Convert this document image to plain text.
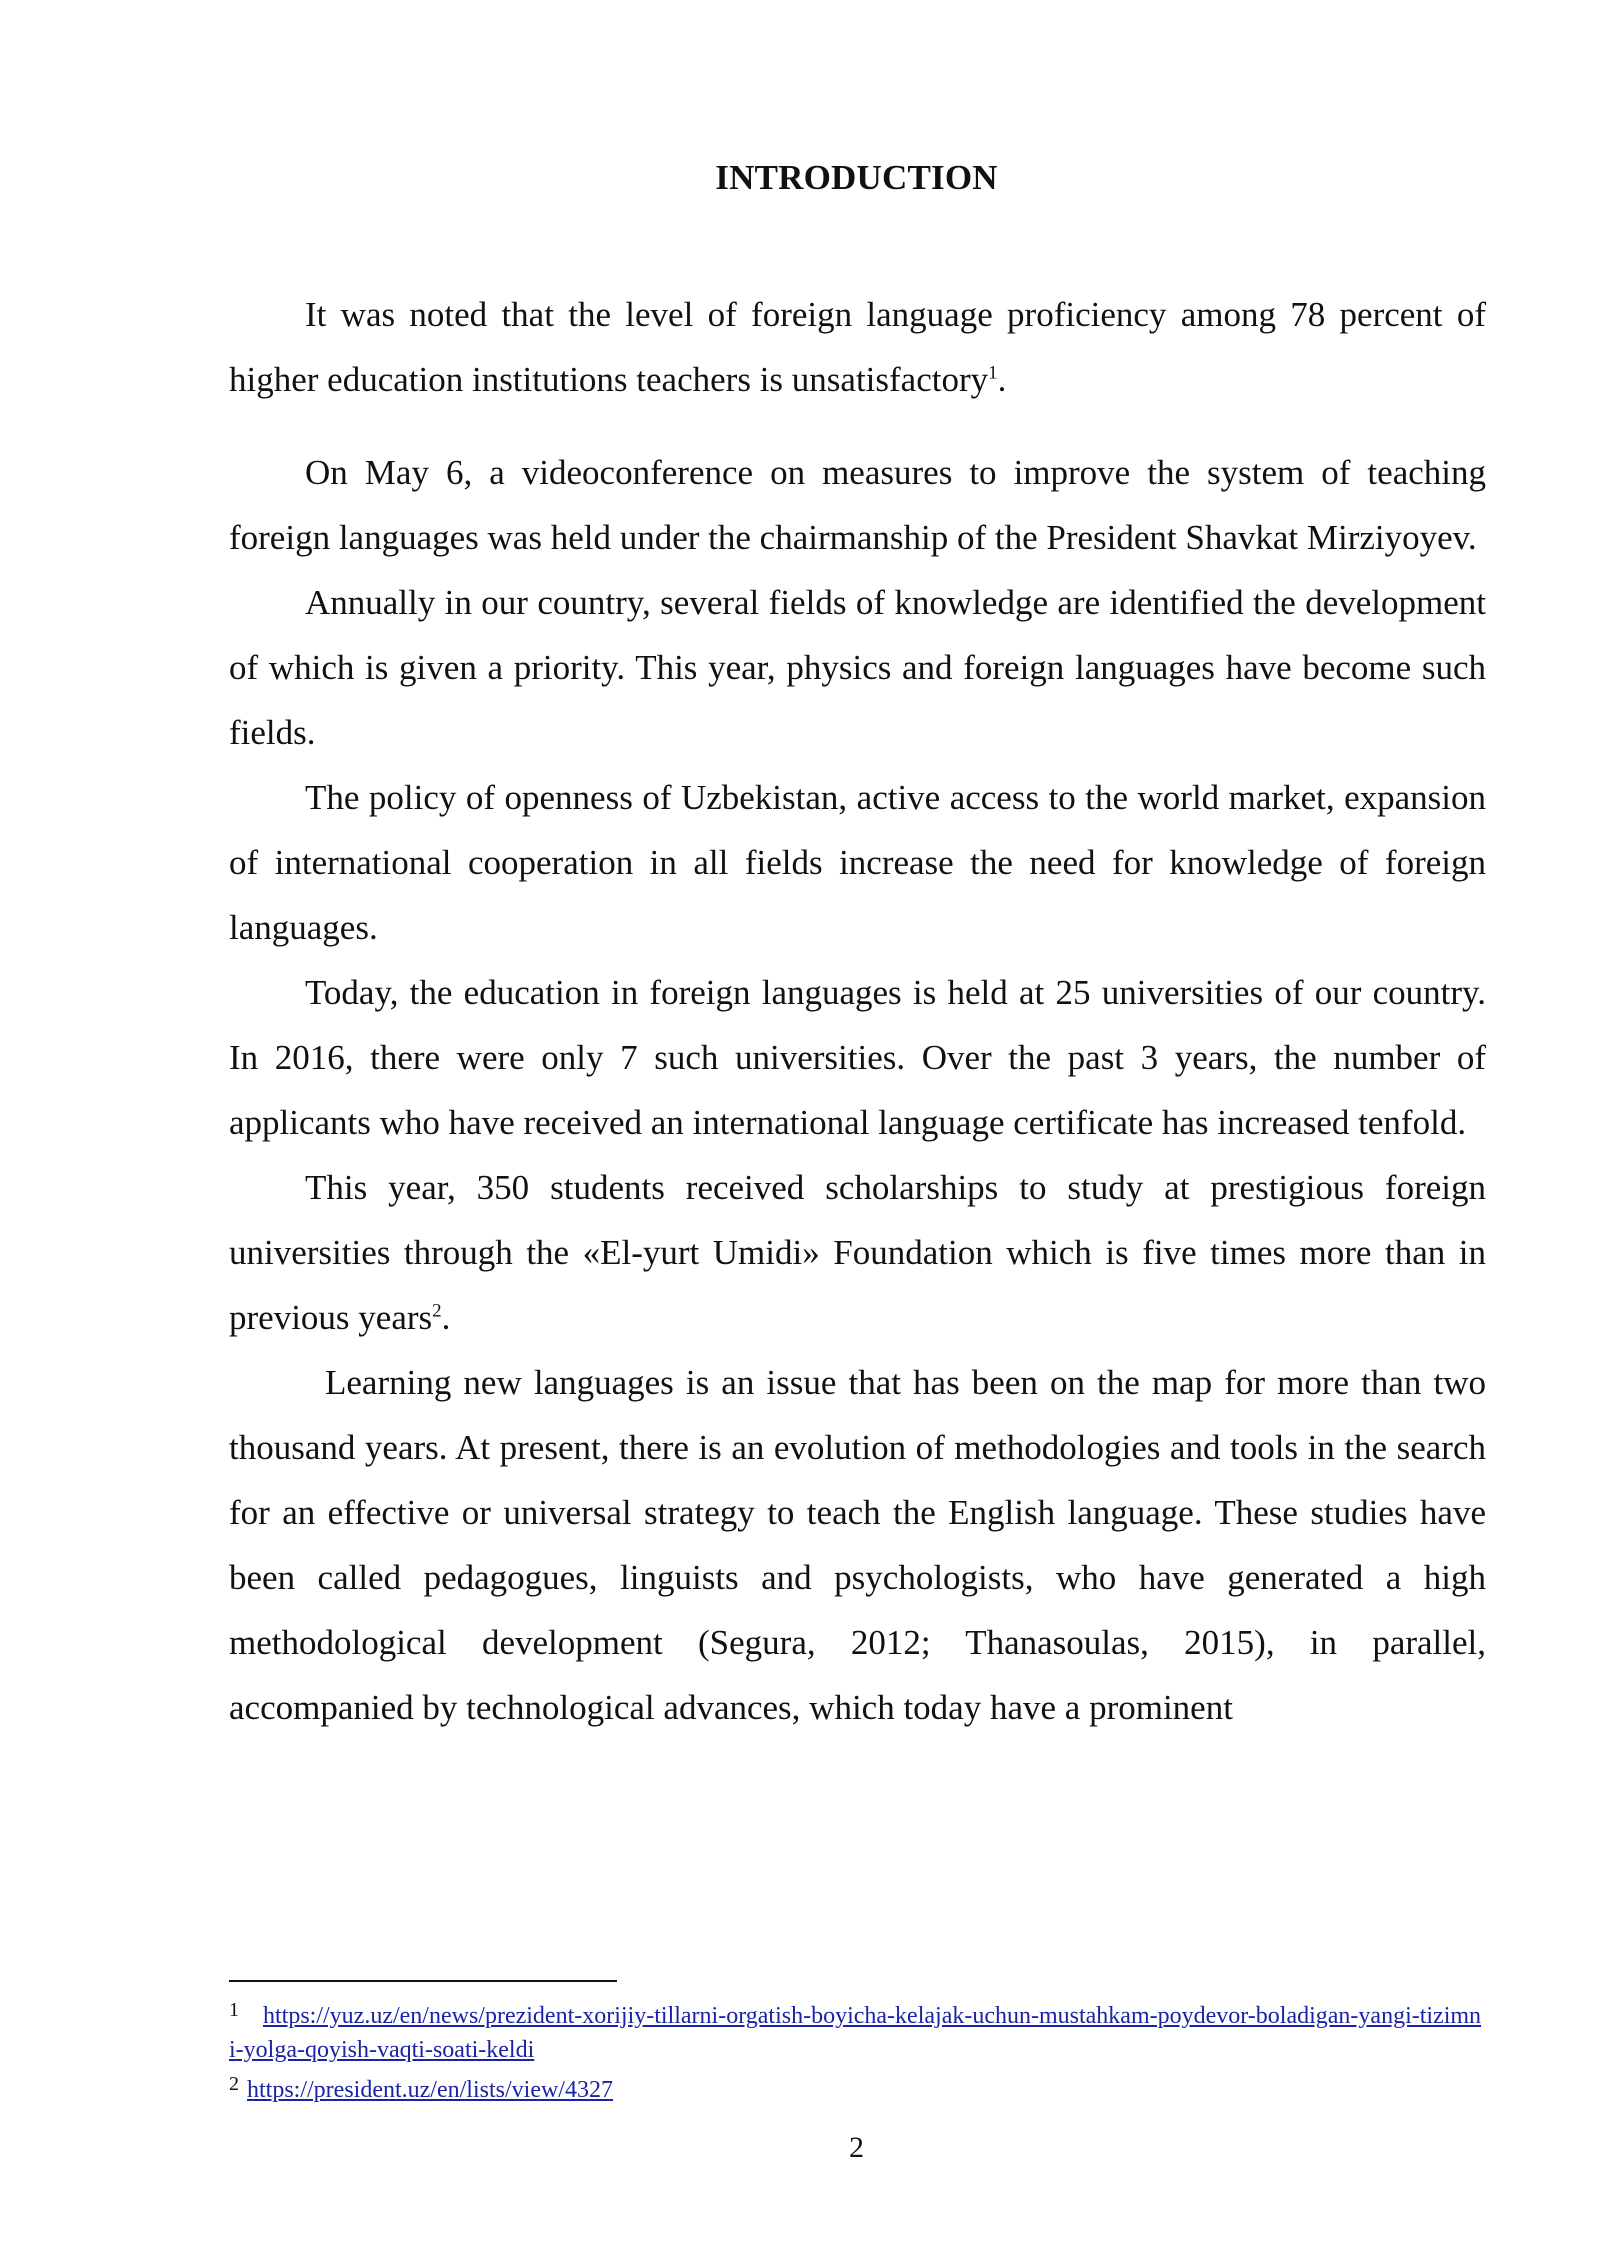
INTRODUCTION

It was noted that the level of foreign language proficiency among 78 percent of higher education institutions teachers is unsatisfactory$^1$.

On May 6, a videoconference on measures to improve the system of teaching foreign languages was held under the chairmanship of the President Shavkat Mirziyoyev.

Annually in our country, several fields of knowledge are identified the development of which is given a priority. This year, physics and foreign languages have become such fields.

The policy of openness of Uzbekistan, active access to the world market, expansion of international cooperation in all fields increase the need for knowledge of foreign languages.

Today, the education in foreign languages is held at 25 universities of our country. In 2016, there were only 7 such universities. Over the past 3 years, the number of applicants who have received an international language certificate has increased tenfold.

This year, 350 students received scholarships to study at prestigious foreign universities through the «El-yurt Umidi» Foundation which is five times more than in previous years$^2$.

Learning new languages is an issue that has been on the map for more than two thousand years. At present, there is an evolution of methodologies and tools in the search for an effective or universal strategy to teach the English language. These studies have been called pedagogues, linguists and psychologists, who have generated a high methodological development (Segura, 2012; Thanasoulas, 2015), in parallel, accompanied by technological advances, which today have a prominent

1 https://yuz.uz/en/news/prezident-xorijiy-tillarni-orgatish-boyicha-kelajak-uchun-mustahkam-poydevor-boladigan-yangi-tizimni-yolga-qoyish-vaqti-soati-keldi

2 https://president.uz/en/lists/view/4327

2
